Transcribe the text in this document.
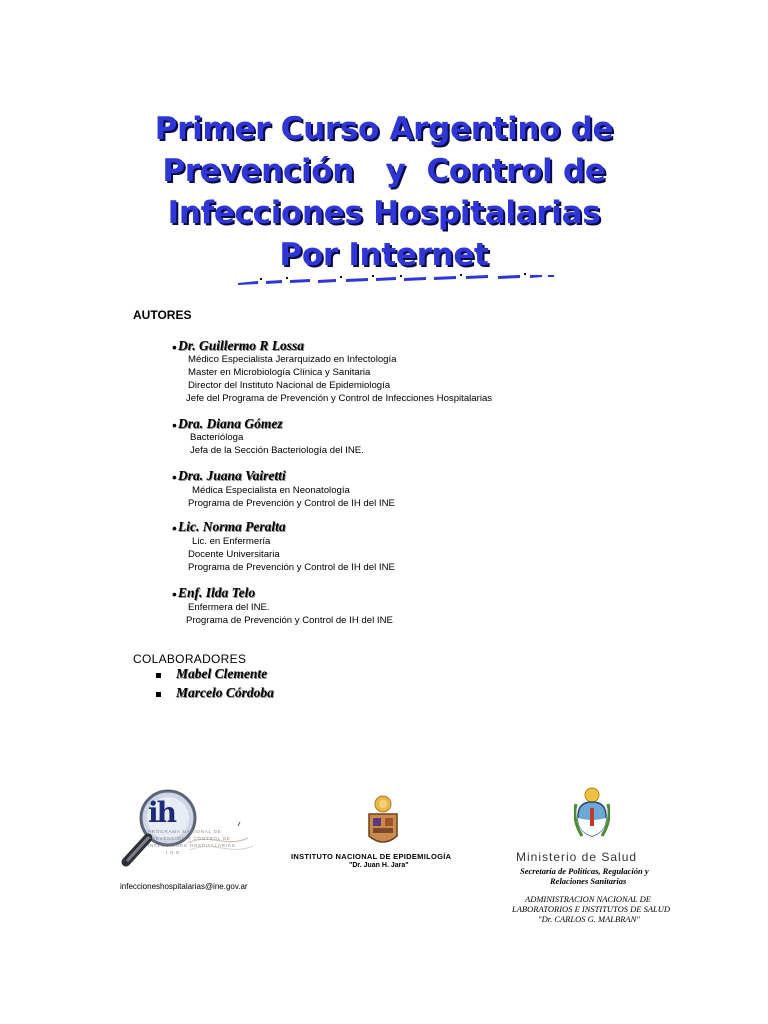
Primer Curso Argentino de
Prevención   y  Control de
Infecciones Hospitalarias
Por Internet
AUTORES
• Dr. Guillermo R Lossa
Médico Especialista Jerarquizado en Infectología
Master en Microbiología Clínica y Sanitaria
Director del Instituto Nacional de Epidemiología
Jefe del Programa de Prevención y Control de Infecciones Hospitalarias
• Dra. Diana Gómez
Bacterióloga
Jefa de la Sección Bacteriología del INE.
• Dra. Juana Vairetti
Médica Especialista en Neonatología
Programa de Prevención y Control de IH del INE
• Lic. Norma Peralta
Lic. en Enfermería
Docente Universitaria
Programa de Prevención y Control de IH del INE
• Enf. Ilda Telo
Enfermera del INE.
Programa de Prevención y Control de IH del INE
COLABORADORES
Mabel Clemente
Marcelo Córdoba
ih
PROGRAMA NACIONAL DE
PREVENCIÓN Y CONTROL DE
INFECCIONES HOSPITALARIAS
I.N.E.
infeccioneshospitalarias@ine.gov.ar
INSTITUTO NACIONAL DE EPIDEMILOGÍA
"Dr. Juan H. Jara"
Ministerio de Salud
Secretaría de Políticas, Regulación y
Relaciones Sanitarias
ADMINISTRACION NACIONAL DE
LABORATORIOS E INSTITUTOS DE SALUD
"Dr. CARLOS G. MALBRAN"
